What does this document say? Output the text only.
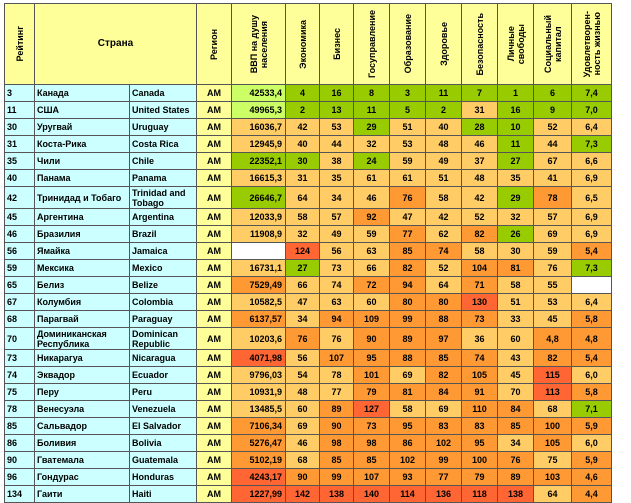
Рейтинг	Страна		Регион	ВВП на душу
населения	Экономика	Бизнес	Госуправление	Образование	Здоровье	Безопасность	Личные
свободы	Социальный
капитал	Удовлетворен-
ность жизнью

3	Канада	Canada	AM	42533,4	4	16	8	3	11	7	1	6	7,4
11	США	United States	AM	49965,3	2	13	11	5	2	31	16	9	7,0
30	Уругвай	Uruguay	AM	16036,7	42	53	29	51	40	28	10	52	6,4
31	Коста-Рика	Costa Rica	AM	12945,9	40	44	32	53	48	46	11	44	7,3
35	Чили	Chile	AM	22352,1	30	38	24	59	49	37	27	67	6,6
40	Панама	Panama	AM	16615,3	31	35	61	61	51	48	35	41	6,9
42	Тринидад и Тобаго	Trinidad and
Tobago	AM	26646,7	64	34	46	76	58	42	29	78	6,5
45	Аргентина	Argentina	AM	12033,9	58	57	92	47	42	52	32	57	6,9
46	Бразилия	Brazil	AM	11908,9	32	49	59	77	62	82	26	69	6,9
56	Ямайка	Jamaica	AM		124	56	63	85	74	58	30	59	5,4
59	Мексика	Mexico	AM	16731,1	27	73	66	82	52	104	81	76	7,3
65	Белиз	Belize	AM	7529,49	66	74	72	94	64	71	58	55	
67	Колумбия	Colombia	AM	10582,5	47	63	60	80	80	130	51	53	6,4
68	Парагвай	Paraguay	AM	6137,57	34	94	109	99	88	73	33	45	5,8
70	Доминиканская
Республика	Dominican
Republic	AM	10203,6	76	76	90	89	97	36	60	4,8	4,8
73	Никарагуа	Nicaragua	AM	4071,98	56	107	95	88	85	74	43	82	5,4
74	Эквадор	Ecuador	AM	9796,03	54	78	101	69	82	105	45	115	6,0
75	Перу	Peru	AM	10931,9	48	77	79	81	84	91	70	113	5,8
78	Венесуэла	Venezuela	AM	13485,5	60	89	127	58	69	110	84	68	7,1
85	Сальвадор	El Salvador	AM	7106,34	69	90	73	95	83	83	85	100	5,9
86	Боливия	Bolivia	AM	5276,47	46	98	98	86	102	95	34	105	6,0
90	Гватемала	Guatemala	AM	5102,19	68	85	85	102	99	100	76	75	5,9
96	Гондурас	Honduras	AM	4243,17	90	99	107	93	77	79	89	103	4,6
134	Гаити	Haiti	AM	1227,99	142	138	140	114	136	118	138	64	4,4
